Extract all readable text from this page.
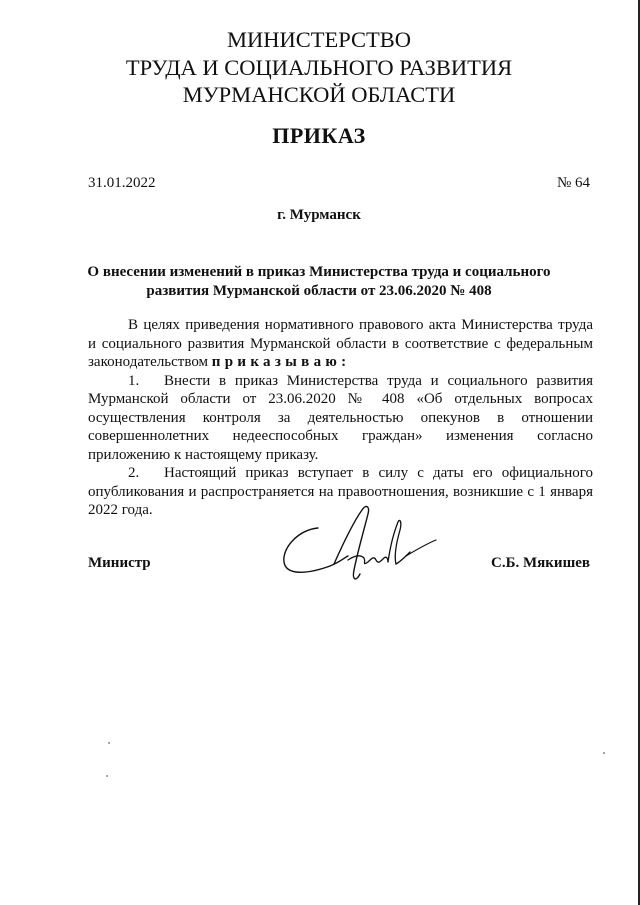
МИНИСТЕРСТВО
ТРУДА И СОЦИАЛЬНОГО РАЗВИТИЯ
МУРМАНСКОЙ ОБЛАСТИ
ПРИКАЗ
31.01.2022	№ 64
г. Мурманск
О внесении изменений в приказ Министерства труда и социального
развития Мурманской области от 23.06.2020 № 408

В целях приведения нормативного правового акта Министерства труда и социального развития Мурманской области в соответствие с федеральным законодательством приказываю:

1. Внести в приказ Министерства труда и социального развития Мурманской области от 23.06.2020 № 408 «Об отдельных вопросах осуществления контроля за деятельностью опекунов в отношении совершеннолетних недееспособных граждан» изменения согласно приложению к настоящему приказу.

2. Настоящий приказ вступает в силу с даты его официального опубликования и распространяется на правоотношения, возникшие с 1 января 2022 года.

Министр	С.Б. Мякишев
